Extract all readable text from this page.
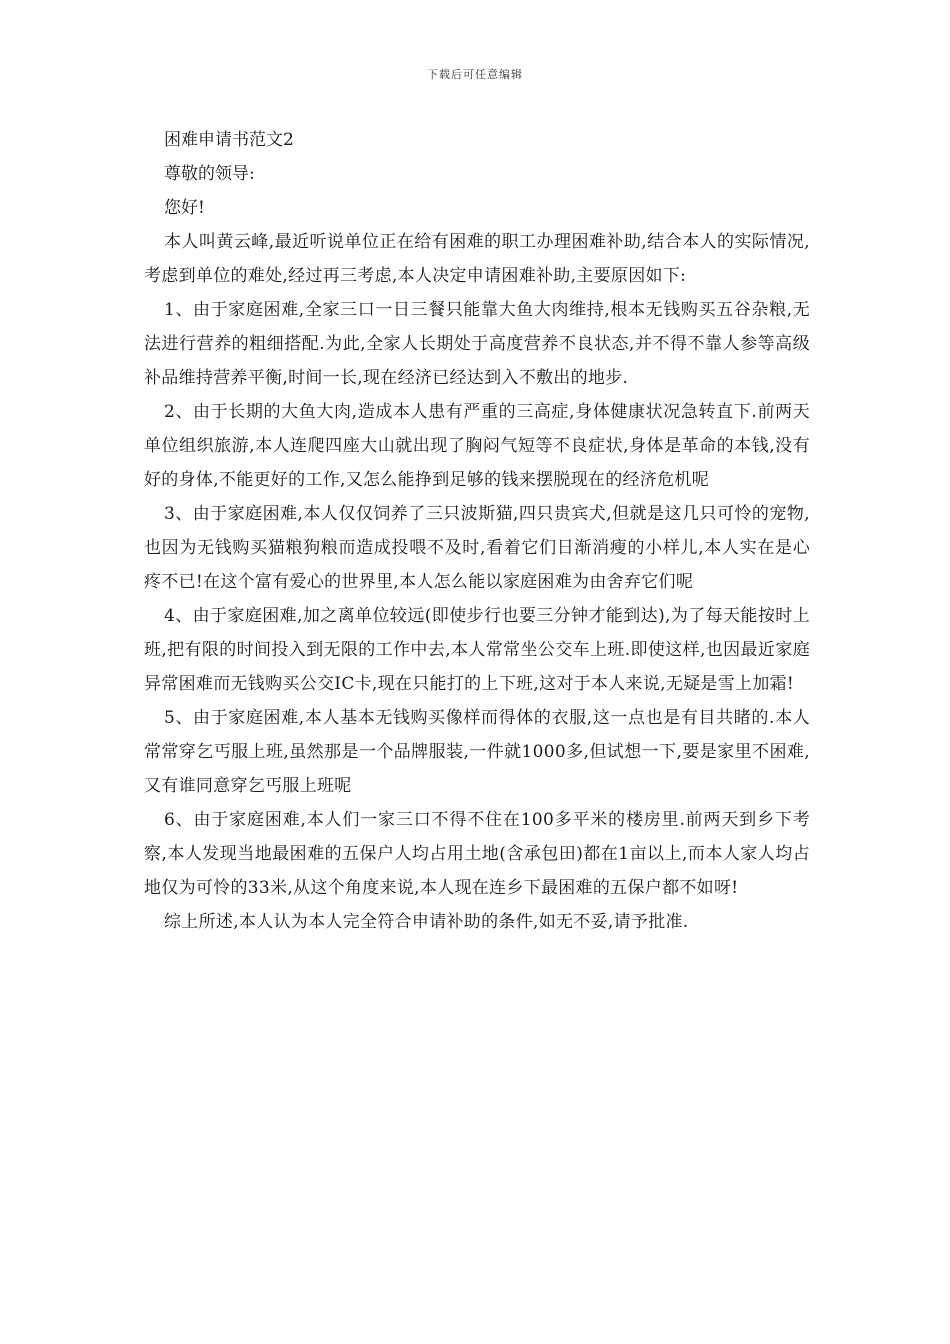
下载后可任意编辑

困难申请书范文2

尊敬的领导:

您好!

本人叫黄云峰,最近听说单位正在给有困难的职工办理困难补助,结合本人的实际情况,考虑到单位的难处,经过再三考虑,本人决定申请困难补助,主要原因如下:

1、由于家庭困难,全家三口一日三餐只能靠大鱼大肉维持,根本无钱购买五谷杂粮,无法进行营养的粗细搭配.为此,全家人长期处于高度营养不良状态,并不得不靠人参等高级补品维持营养平衡,时间一长,现在经济已经达到入不敷出的地步.

2、由于长期的大鱼大肉,造成本人患有严重的三高症,身体健康状况急转直下.前两天单位组织旅游,本人连爬四座大山就出现了胸闷气短等不良症状,身体是革命的本钱,没有好的身体,不能更好的工作,又怎么能挣到足够的钱来摆脱现在的经济危机呢

3、由于家庭困难,本人仅仅饲养了三只波斯猫,四只贵宾犬,但就是这几只可怜的宠物,也因为无钱购买猫粮狗粮而造成投喂不及时,看着它们日渐消瘦的小样儿,本人实在是心疼不已!在这个富有爱心的世界里,本人怎么能以家庭困难为由舍弃它们呢

4、由于家庭困难,加之离单位较远(即使步行也要三分钟才能到达),为了每天能按时上班,把有限的时间投入到无限的工作中去,本人常常坐公交车上班.即使这样,也因最近家庭异常困难而无钱购买公交IC卡,现在只能打的上下班,这对于本人来说,无疑是雪上加霜!

5、由于家庭困难,本人基本无钱购买像样而得体的衣服,这一点也是有目共睹的.本人常常穿乞丐服上班,虽然那是一个品牌服装,一件就1000多,但试想一下,要是家里不困难,又有谁同意穿乞丐服上班呢

6、由于家庭困难,本人们一家三口不得不住在100多平米的楼房里.前两天到乡下考察,本人发现当地最困难的五保户人均占用土地(含承包田)都在1亩以上,而本人家人均占地仅为可怜的33米,从这个角度来说,本人现在连乡下最困难的五保户都不如呀!

综上所述,本人认为本人完全符合申请补助的条件,如无不妥,请予批准.
